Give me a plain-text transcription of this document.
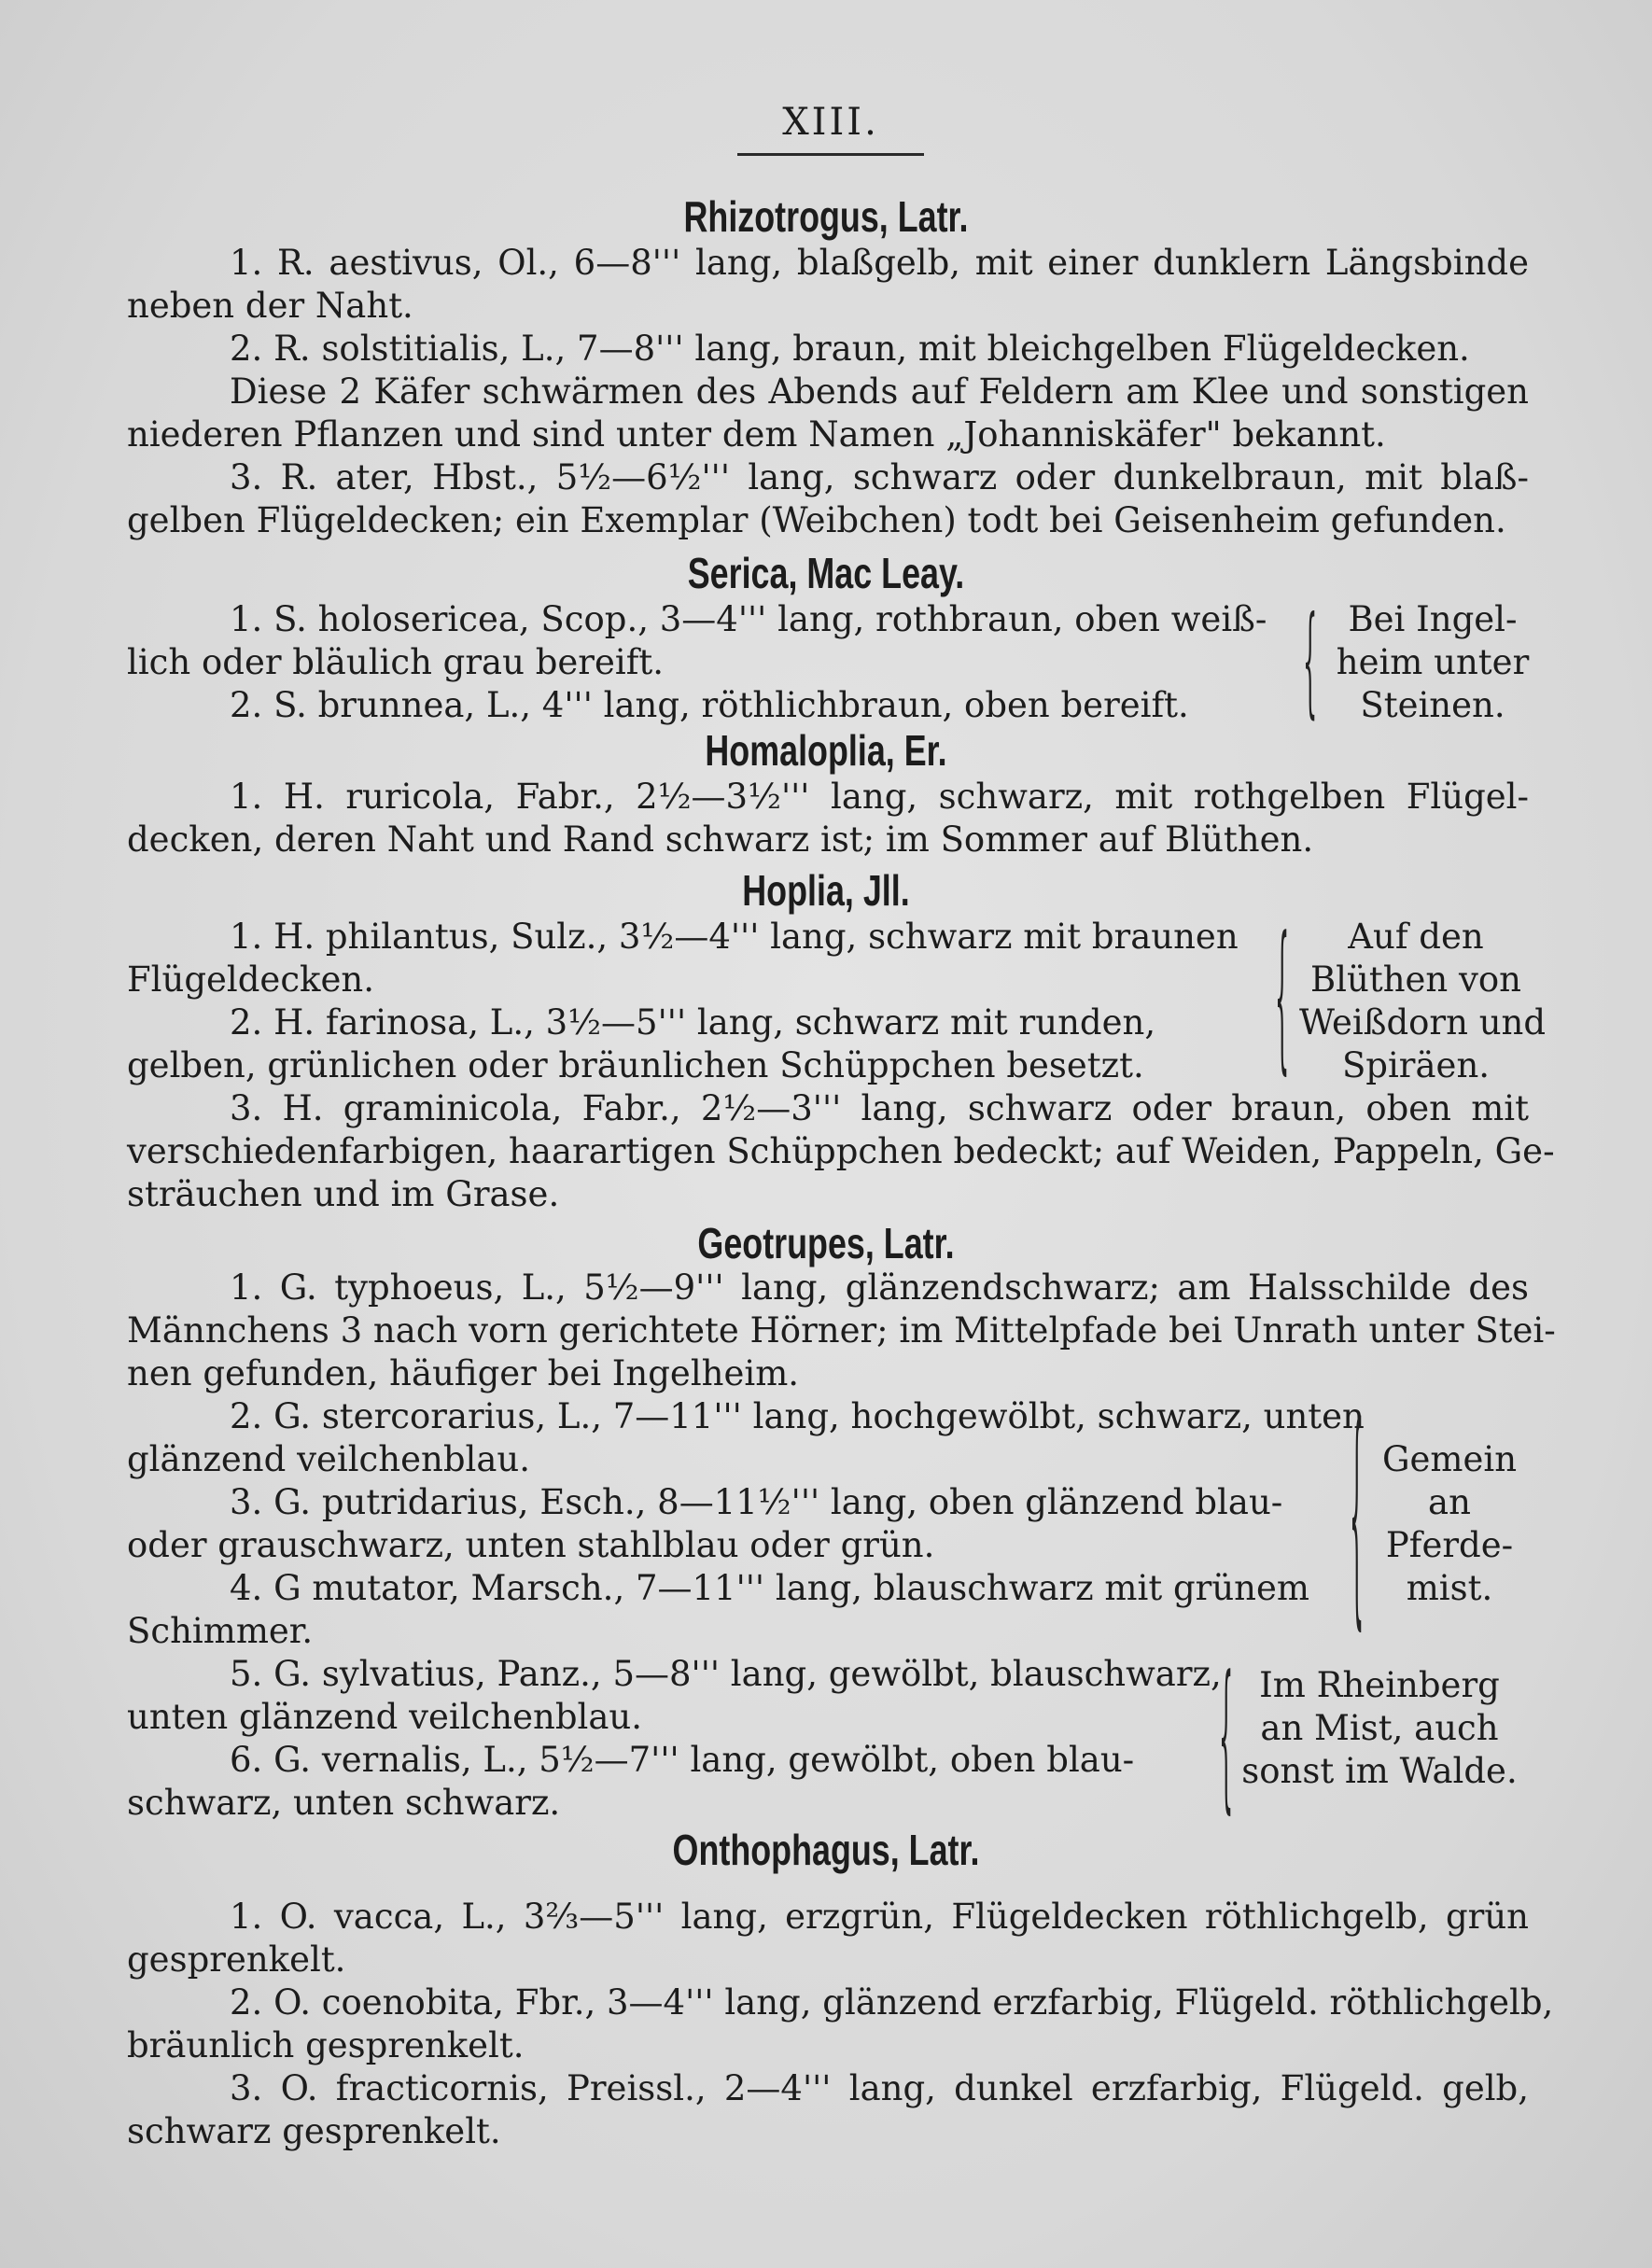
XIII.
Rhizotrogus, Latr.
1. R. aestivus, Ol., 6—8''' lang, blaßgelb, mit einer dunklern Längsbinde
neben der Naht.
2. R. solstitialis, L., 7—8''' lang, braun, mit bleichgelben Flügeldecken.
Diese 2 Käfer schwärmen des Abends auf Feldern am Klee und sonstigen
niederen Pflanzen und sind unter dem Namen „Johanniskäfer" bekannt.
3. R. ater, Hbst., 5½—6½''' lang, schwarz oder dunkelbraun, mit blaß-
gelben Flügeldecken; ein Exemplar (Weibchen) todt bei Geisenheim gefunden.
Serica, Mac Leay.
1. S. holosericea, Scop., 3—4''' lang, rothbraun, oben weiß-
lich oder bläulich grau bereift.
2. S. brunnea, L., 4''' lang, röthlichbraun, oben bereift.	{ Bei Ingel-
heim unter
Steinen.
Homaloplia, Er.
1. H. ruricola, Fabr., 2½—3½''' lang, schwarz, mit rothgelben Flügel-
decken, deren Naht und Rand schwarz ist; im Sommer auf Blüthen.
Hoplia, Jll.
1. H. philantus, Sulz., 3½—4''' lang, schwarz mit braunen
Flügeldecken.
2. H. farinosa, L., 3½—5''' lang, schwarz mit runden,
gelben, grünlichen oder bräunlichen Schüppchen besetzt.	{	Auf den
Blüthen von
Weißdorn und
Spiräen.
3. H. graminicola, Fabr., 2½—3''' lang, schwarz oder braun, oben mit
verschiedenfarbigen, haarartigen Schüppchen bedeckt; auf Weiden, Pappeln, Ge-
sträuchen und im Grase.
Geotrupes, Latr.
1. G. typhoeus, L., 5½—9''' lang, glänzendschwarz; am Halsschilde des
Männchens 3 nach vorn gerichtete Hörner; im Mittelpfade bei Unrath unter Stei-
nen gefunden, häufiger bei Ingelheim.
2. G. stercorarius, L., 7—11''' lang, hochgewölbt, schwarz, unten
glänzend veilchenblau.
3. G. putridarius, Esch., 8—11½''' lang, oben glänzend blau-
oder grauschwarz, unten stahlblau oder grün.
4. G mutator, Marsch., 7—11''' lang, blauschwarz mit grünem
Schimmer.	{ Gemein
an
Pferde-
mist.
5. G. sylvatius, Panz., 5—8''' lang, gewölbt, blauschwarz,
unten glänzend veilchenblau.
6. G. vernalis, L., 5½—7''' lang, gewölbt, oben blau-
schwarz, unten schwarz.	{ Im Rheinberg
an Mist, auch
sonst im Walde.
Onthophagus, Latr.
1. O. vacca, L., 3⅔—5''' lang, erzgrün, Flügeldecken röthlichgelb, grün
gesprenkelt.
2. O. coenobita, Fbr., 3—4''' lang, glänzend erzfarbig, Flügeld. röthlichgelb,
bräunlich gesprenkelt.
3. O. fracticornis, Preissl., 2—4''' lang, dunkel erzfarbig, Flügeld. gelb,
schwarz gesprenkelt.
